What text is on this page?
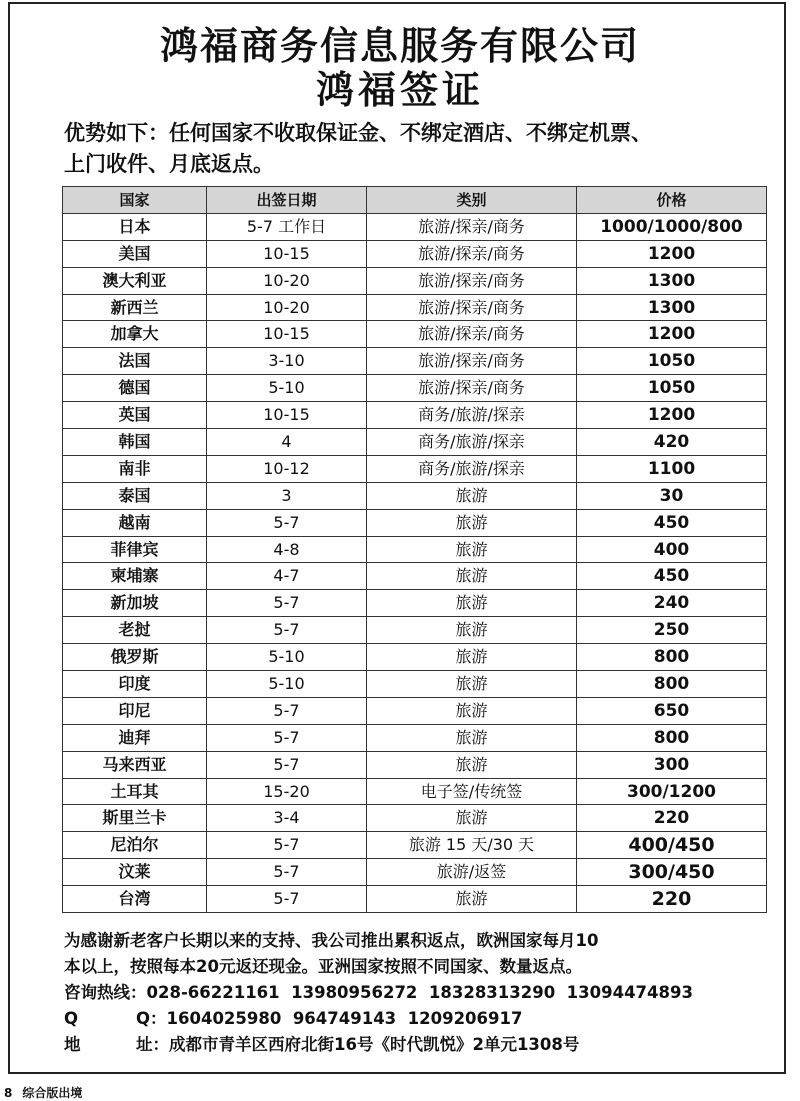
鸿福商务信息服务有限公司
鸿福签证
优势如下：任何国家不收取保证金、不绑定酒店、不绑定机票、
上门收件、月底返点。
国家	出签日期	类别	价格
日本	5-7 工作日	旅游/探亲/商务	1000/1000/800
美国	10-15	旅游/探亲/商务	1200
澳大利亚	10-20	旅游/探亲/商务	1300
新西兰	10-20	旅游/探亲/商务	1300
加拿大	10-15	旅游/探亲/商务	1200
法国	3-10	旅游/探亲/商务	1050
德国	5-10	旅游/探亲/商务	1050
英国	10-15	商务/旅游/探亲	1200
韩国	4	商务/旅游/探亲	420
南非	10-12	商务/旅游/探亲	1100
泰国	3	旅游	30
越南	5-7	旅游	450
菲律宾	4-8	旅游	400
柬埔寨	4-7	旅游	450
新加坡	5-7	旅游	240
老挝	5-7	旅游	250
俄罗斯	5-10	旅游	800
印度	5-10	旅游	800
印尼	5-7	旅游	650
迪拜	5-7	旅游	800
马来西亚	5-7	旅游	300
土耳其	15-20	电子签/传统签	300/1200
斯里兰卡	3-4	旅游	220
尼泊尔	5-7	旅游 15 天/30 天	400/450
汶莱	5-7	旅游/返签	300/450
台湾	5-7	旅游	220
为感谢新老客户长期以来的支持、我公司推出累积返点，欧洲国家每月10
本以上，按照每本20元返还现金。亚洲国家按照不同国家、数量返点。
咨询热线：028-66221161  13980956272  18328313290  13094474893
Q	Q：1604025980  964749143  1209206917
地	址：成都市青羊区西府北街16号《时代凯悦》2单元1308号
8 综合版出境
